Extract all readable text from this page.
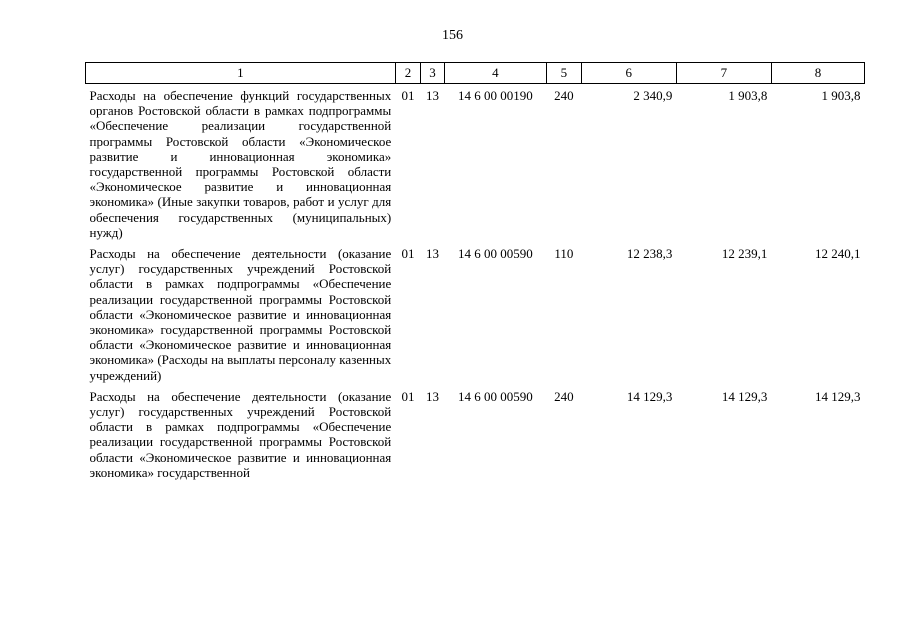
156
1	2	3	4	5	6	7	8
Расходы на обеспечение функций государственных органов Ростовской области в рамках подпрограммы «Обеспечение реализации государственной программы Ростовской области «Экономическое развитие и инновационная экономика» государственной программы Ростовской области «Экономическое развитие и инновационная экономика» (Иные закупки товаров, работ и услуг для обеспечения государственных (муниципальных) нужд)	01	13	14 6 00 00190	240	2 340,9	1 903,8	1 903,8
Расходы на обеспечение деятельности (оказание услуг) государственных учреждений Ростовской области в рамках подпрограммы «Обеспечение реализации государственной программы Ростовской области «Экономическое развитие и инновационная экономика» государственной программы Ростовской области «Экономическое развитие и инновационная экономика» (Расходы на выплаты персоналу казенных учреждений)	01	13	14 6 00 00590	110	12 238,3	12 239,1	12 240,1
Расходы на обеспечение деятельности (оказание услуг) государственных учреждений Ростовской области в рамках подпрограммы «Обеспечение реализации государственной программы Ростовской области «Экономическое развитие и инновационная экономика» государственной	01	13	14 6 00 00590	240	14 129,3	14 129,3	14 129,3
